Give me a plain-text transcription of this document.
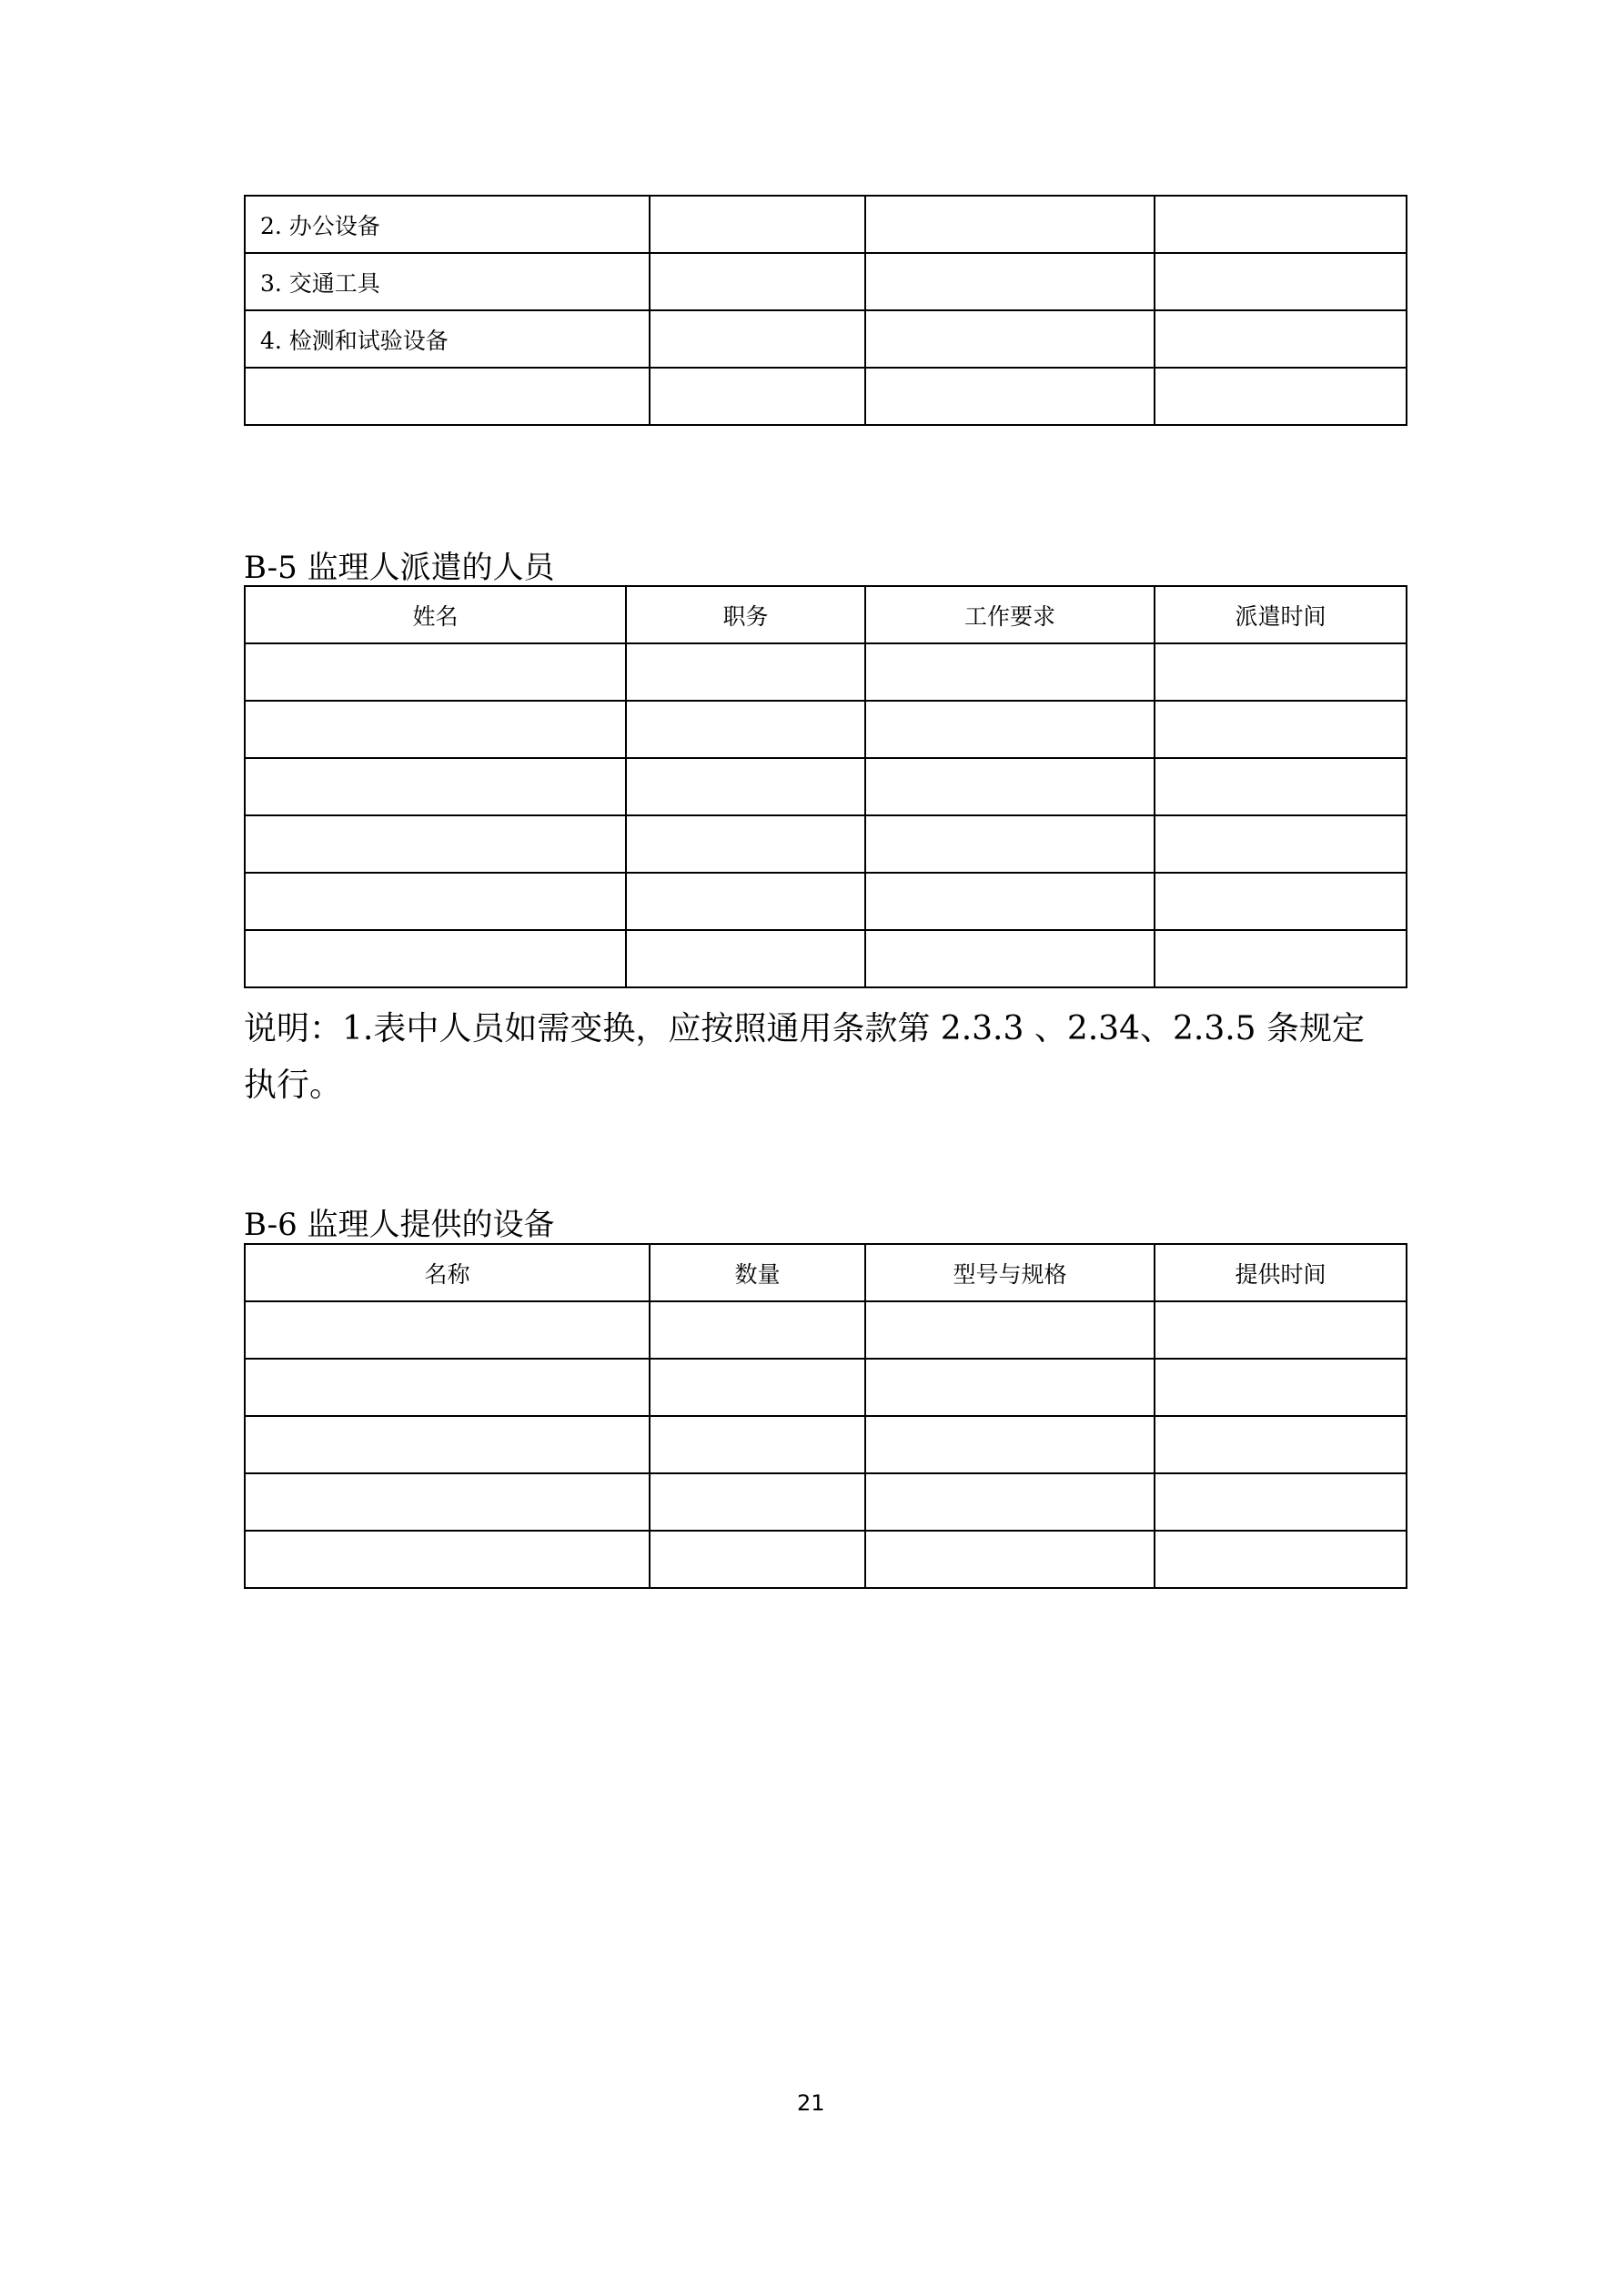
2. 办公设备			
3. 交通工具			
4. 检测和试验设备			

B-5 监理人派遣的人员
姓名	职务	工作要求	派遣时间

说明：1.表中人员如需变换，应按照通用条款第 2.3.3 、2.34、2.3.5 条规定
执行。
B-6 监理人提供的设备
名称	数量	型号与规格	提供时间

21
